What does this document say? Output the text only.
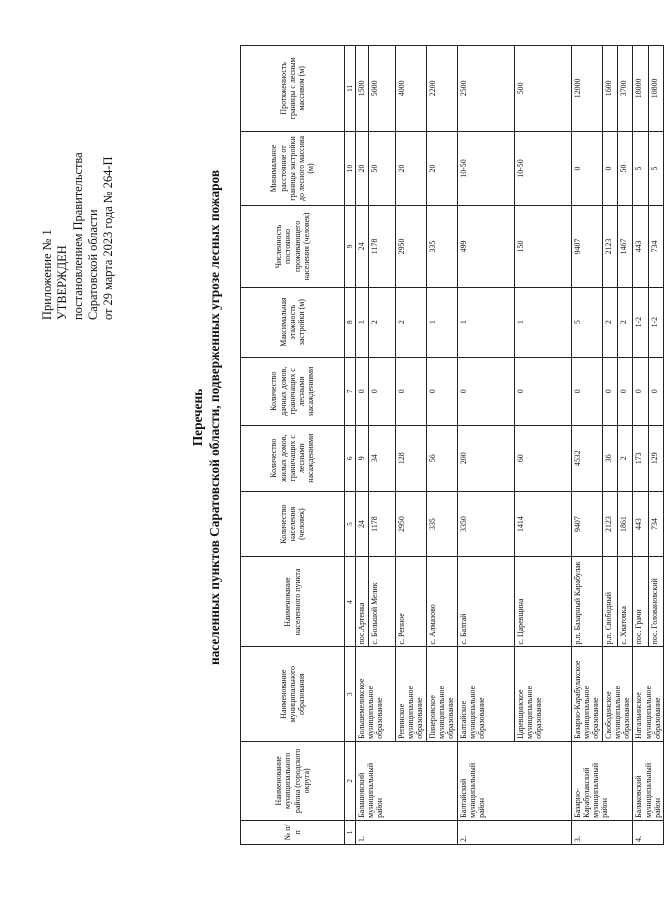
Приложение № 1 УТВЕРЖДЕН постановлением Правительства Саратовской области от 29 марта 2023 года № 264-П
Перечень населенных пунктов Саратовской области, подверженных угрозе лесных пожаров
№ п/п	Наименование муниципального района (городского округа)	Наименование муниципального образования	Наименование населенного пункта	Количество населения (человек)	Количество жилых домов, граничащих с лесными насаждениями	Количество дачных домов, граничащих с лесными насаждениями	Максимальная этажность застройки (м)	Численность постоянно проживающего населения (человек)	Минимальное расстояние от границы застройки до лесного массива (м)	Протяженность границы с лесным массивом (м)
1	2	3	4	5	6	7	8	9	10	11
1.	Балашовский муниципальный район	Большемеликское муниципальное образование	пос.Артенка	24	9	0	1	24	20	1500
			с. Большой Мелик	1178	34	0	2	1178	50	5000
		Репинское муниципальное образование	с. Репное	2950	128	0	2	2950	20	4000
		Пинеровское муниципальное образование	с. Алмазово	335	56	0	1	335	20	2200
2.	Балтайский муниципальный район	Балтайское муниципальное образование	с. Балтай	3350	200	0	1	499	10-50	2500
		Царевщинское муниципальное образование	с. Царевщина	1414	60	0	1	150	10-50	500
3.	Базарно-Карабулакский муниципальный район	Базарно-Карабулакское муниципальное образование	р.п. Базарный Карабулак	9407	4532	0	5	9407	0	12000
		Свободинское муниципальное образование	р.п. Свободный	2123	36	0	2	2123	0	1600
			с. Хватовка	1861	2	0	2	1467	50	3700
4.	Балаковский муниципальный район	Натальинское муниципальное образование	пос. Грачи	443	173	0	1-2	443	5	18000
			пос. Головановский	734	129	0	1-2	734	5	10800
